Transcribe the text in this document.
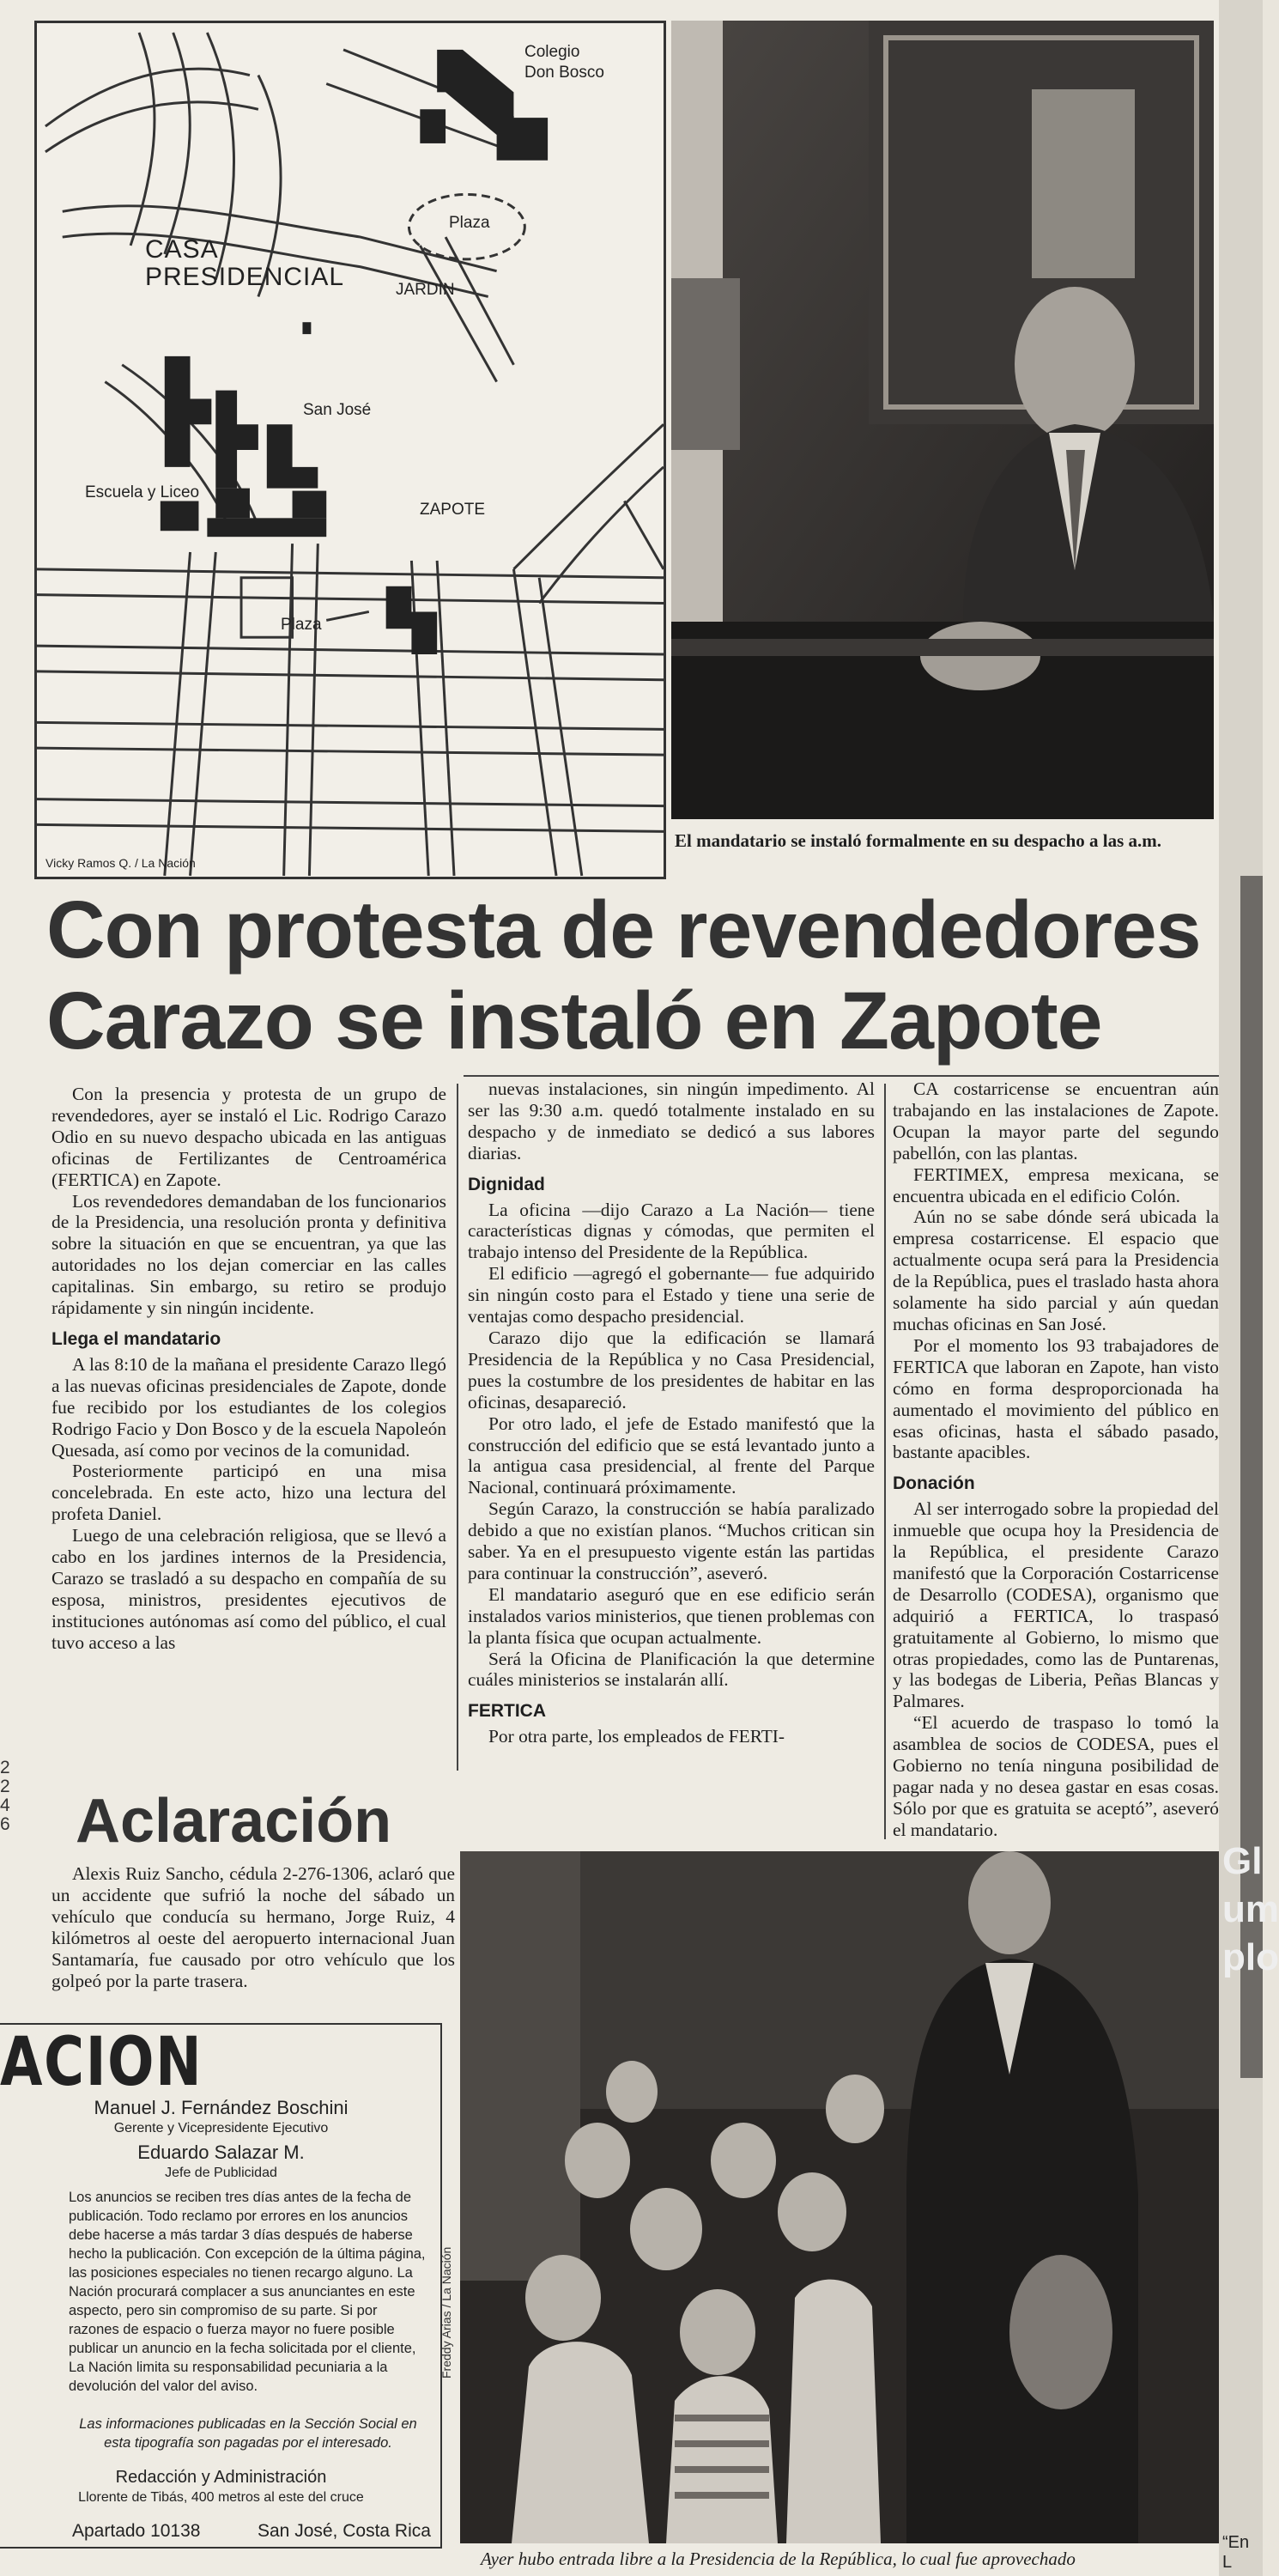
Gl
um
plo
“En L
Colegio
Don Bosco
Plaza
CASA
PRESIDENCIAL	JARDIN
San José
Escuela y Liceo
ZAPOTE
Plaza
Vicky Ramos Q. / La Nación
El mandatario se instaló formalmente en su despacho a las a.m.
Con protesta de revendedores
Carazo se instaló en Zapote

Con la presencia y protesta de un grupo de revendedores, ayer se instaló el Lic. Rodrigo Carazo Odio en su nuevo despacho ubicada en las antiguas oficinas de Fertilizantes de Centroamérica (FERTICA) en Zapote.

Los revendedores demandaban de los funcionarios de la Presidencia, una resolución pronta y definitiva sobre la situación en que se encuentran, ya que las autoridades no los dejan comerciar en las calles capitalinas. Sin embargo, su retiro se produjo rápidamente y sin ningún incidente.

Llega el mandatario

A las 8:10 de la mañana el presidente Carazo llegó a las nuevas oficinas presidenciales de Zapote, donde fue recibido por los estudiantes de los colegios Rodrigo Facio y Don Bosco y de la escuela Napoleón Quesada, así como por vecinos de la comunidad.

Posteriormente participó en una misa concelebrada. En este acto, hizo una lectura del profeta Daniel.

Luego de una celebración religiosa, que se llevó a cabo en los jardines internos de la Presidencia, Carazo se trasladó a su despacho en compañía de su esposa, ministros, presidentes ejecutivos de instituciones autónomas así como del público, el cual tuvo acceso a las

nuevas instalaciones, sin ningún impedimento. Al ser las 9:30 a.m. quedó totalmente instalado en su despacho y de inmediato se dedicó a sus labores diarias.

Dignidad

La oficina —dijo Carazo a La Nación— tiene características dignas y cómodas, que permiten el trabajo intenso del Presidente de la República.

El edificio —agregó el gobernante— fue adquirido sin ningún costo para el Estado y tiene una serie de ventajas como despacho presidencial.

Carazo dijo que la edificación se llamará Presidencia de la República y no Casa Presidencial, pues la costumbre de los presidentes de habitar en las oficinas, desapareció.

Por otro lado, el jefe de Estado manifestó que la construcción del edificio que se está levantado junto a la antigua casa presidencial, al frente del Parque Nacional, continuará próximamente.

Según Carazo, la construcción se había paralizado debido a que no existían planos. “Muchos critican sin saber. Ya en el presupuesto vigente están las partidas para continuar la construcción”, aseveró.

El mandatario aseguró que en ese edificio serán instalados varios ministerios, que tienen problemas con la planta física que ocupan actualmente.

Será la Oficina de Planificación la que determine cuáles ministerios se instalarán allí.

FERTICA

Por otra parte, los empleados de FERTI-

CA costarricense se encuentran aún trabajando en las instalaciones de Zapote. Ocupan la mayor parte del segundo pabellón, con las plantas.

FERTIMEX, empresa mexicana, se encuentra ubicada en el edificio Colón.

Aún no se sabe dónde será ubicada la empresa costarricense. El espacio que actualmente ocupa será para la Presidencia de la República, pues el traslado hasta ahora solamente ha sido parcial y aún quedan muchas oficinas en San José.

Por el momento los 93 trabajadores de FERTICA que laboran en Zapote, han visto cómo en forma desproporcionada ha aumentado el movimiento del público en esas oficinas, hasta el sábado pasado, bastante apacibles.

Donación

Al ser interrogado sobre la propiedad del inmueble que ocupa hoy la Presidencia de la República, el presidente Carazo manifestó que la Corporación Costarricense de Desarrollo (CODESA), organismo que adquirió a FERTICA, lo traspasó gratuitamente al Gobierno, lo mismo que otras propiedades, como las de Puntarenas, y las bodegas de Liberia, Peñas Blancas y Palmares.

“El acuerdo de traspaso lo tomó la asamblea de socios de CODESA, pues el Gobierno no tenía ninguna posibilidad de pagar nada y no desea gastar en esas cosas. Sólo por que es gratuita se aceptó”, aseveró el mandatario.

2
2
4
6 Aclaración
Alexis Ruiz Sancho, cédula 2-276-1306, aclaró que un accidente que sufrió la noche del sábado un vehículo que conducía su hermano, Jorge Ruiz, 4 kilómetros al oeste del aeropuerto internacional Juan Santamaría, fue causado por otro vehículo que los golpeó por la parte trasera.
ACION
Manuel J. Fernández Boschini
Gerente y Vicepresidente Ejecutivo
Eduardo Salazar M.
Jefe de Publicidad
Los anuncios se reciben tres días antes de la fecha de publicación. Todo reclamo por errores en los anuncios debe hacerse a más tardar 3 días después de haberse hecho la publicación. Con excepción de la última página, las posiciones especiales no tienen recargo alguno. La Nación procurará complacer a sus anunciantes en este aspecto, pero sin compromiso de su parte. Si por razones de espacio o fuerza mayor no fuere posible publicar un anuncio en la fecha solicitada por el cliente, La Nación limita su responsabilidad pecuniaria a la devolución del valor del aviso.
Las informaciones publicadas en la Sección Social en esta tipografía son pagadas por el interesado.
Redacción y Administración
Llorente de Tibás, 400 metros al este del cruce
Apartado 10138	San José, Costa Rica
Freddy Arias / La Nación
Ayer hubo entrada libre a la Presidencia de la República, lo cual fue aprovechado
